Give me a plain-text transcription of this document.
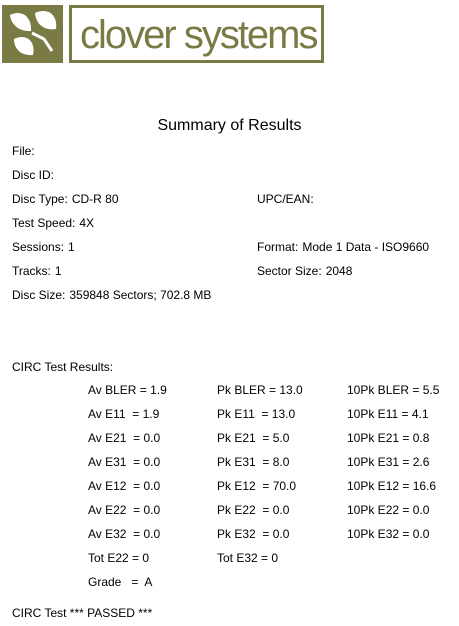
clover systems
Summary of Results
File:
Disc ID:
Disc Type: CD-R 80	UPC/EAN:
Test Speed: 4X
Sessions: 1	Format: Mode 1 Data - ISO9660
Tracks: 1	Sector Size: 2048
Disc Size: 359848 Sectors; 702.8 MB
CIRC Test Results:
Av BLER = 1.9	Pk BLER = 13.0	10Pk BLER = 5.5
Av E11  = 1.9	Pk E11  = 13.0	10Pk E11 = 4.1
Av E21  = 0.0	Pk E21  = 5.0	10Pk E21 = 0.8
Av E31  = 0.0	Pk E31  = 8.0	10Pk E31 = 2.6
Av E12  = 0.0	Pk E12  = 70.0	10Pk E12 = 16.6
Av E22  = 0.0	Pk E22  = 0.0	10Pk E22 = 0.0
Av E32  = 0.0	Pk E32  = 0.0	10Pk E32 = 0.0
Tot E22 = 0	Tot E32 = 0
Grade   =  A
CIRC Test *** PASSED ***
